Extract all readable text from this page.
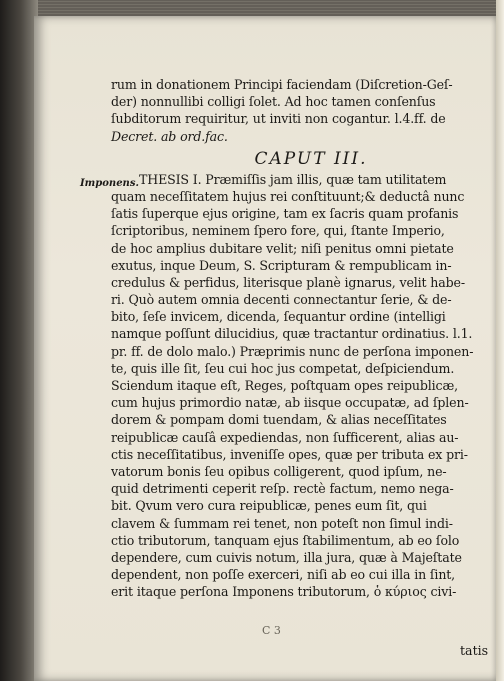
Imponens.
rum in donationem Principi faciendam (Diſcretion-Geſ-
der) nonnullibi colligi ſolet. Ad hoc tamen conſenſus
ſubditorum requiritur, ut inviti non cogantur. l.4.ff. de
Decret. ab ord.fac.
CAPUT III.
THESIS I. Præmiſſis jam illis, quæ tam utilitatem
quam neceſſitatem hujus rei conſtituunt;& deductâ nunc
ſatis ſuperque ejus origine, tam ex ſacris quam profanis
ſcriptoribus, neminem ſpero fore, qui, ſtante Imperio,
de hoc amplius dubitare velit; niſi penitus omni pietate
exutus, inque Deum, S. Scripturam & rempublicam in-
credulus & perfidus, literisque planè ignarus, velit habe-
ri. Quò autem omnia decenti connectantur ſerie, & de-
bito, ſeſe invicem, dicenda, ſequantur ordine (intelligi
namque poſſunt dilucidius, quæ tractantur ordinatius. l.1.
pr. ff. de dolo malo.) Præprimis nunc de perſona imponen-
te, quis ille ſit, ſeu cui hoc jus competat, deſpiciendum.
Sciendum itaque eſt, Reges, poſtquam opes reipublicæ,
cum hujus primordio natæ, ab iisque occupatæ, ad ſplen-
dorem & pompam domi tuendam, & alias neceſſitates
reipublicæ cauſâ expediendas, non ſufficerent, alias au-
ctis neceſſitatibus, inveniſſe opes, quæ per tributa ex pri-
vatorum bonis ſeu opibus colligerent, quod ipſum, ne-
quid detrimenti ceperit reſp. rectè factum, nemo nega-
bit. Qvum vero cura reipublicæ, penes eum ſit, qui
clavem & ſummam rei tenet, non poteſt non ſimul indi-
ctio tributorum, tanquam ejus ſtabilimentum, ab eo ſolo
dependere, cum cuivis notum, illa jura, quæ à Majeſtate
dependent, non poſſe exerceri, niſi ab eo cui illa in ſint,
erit itaque perſona Imponens tributorum, ὁ κύριος civi-
C 3
tatis
